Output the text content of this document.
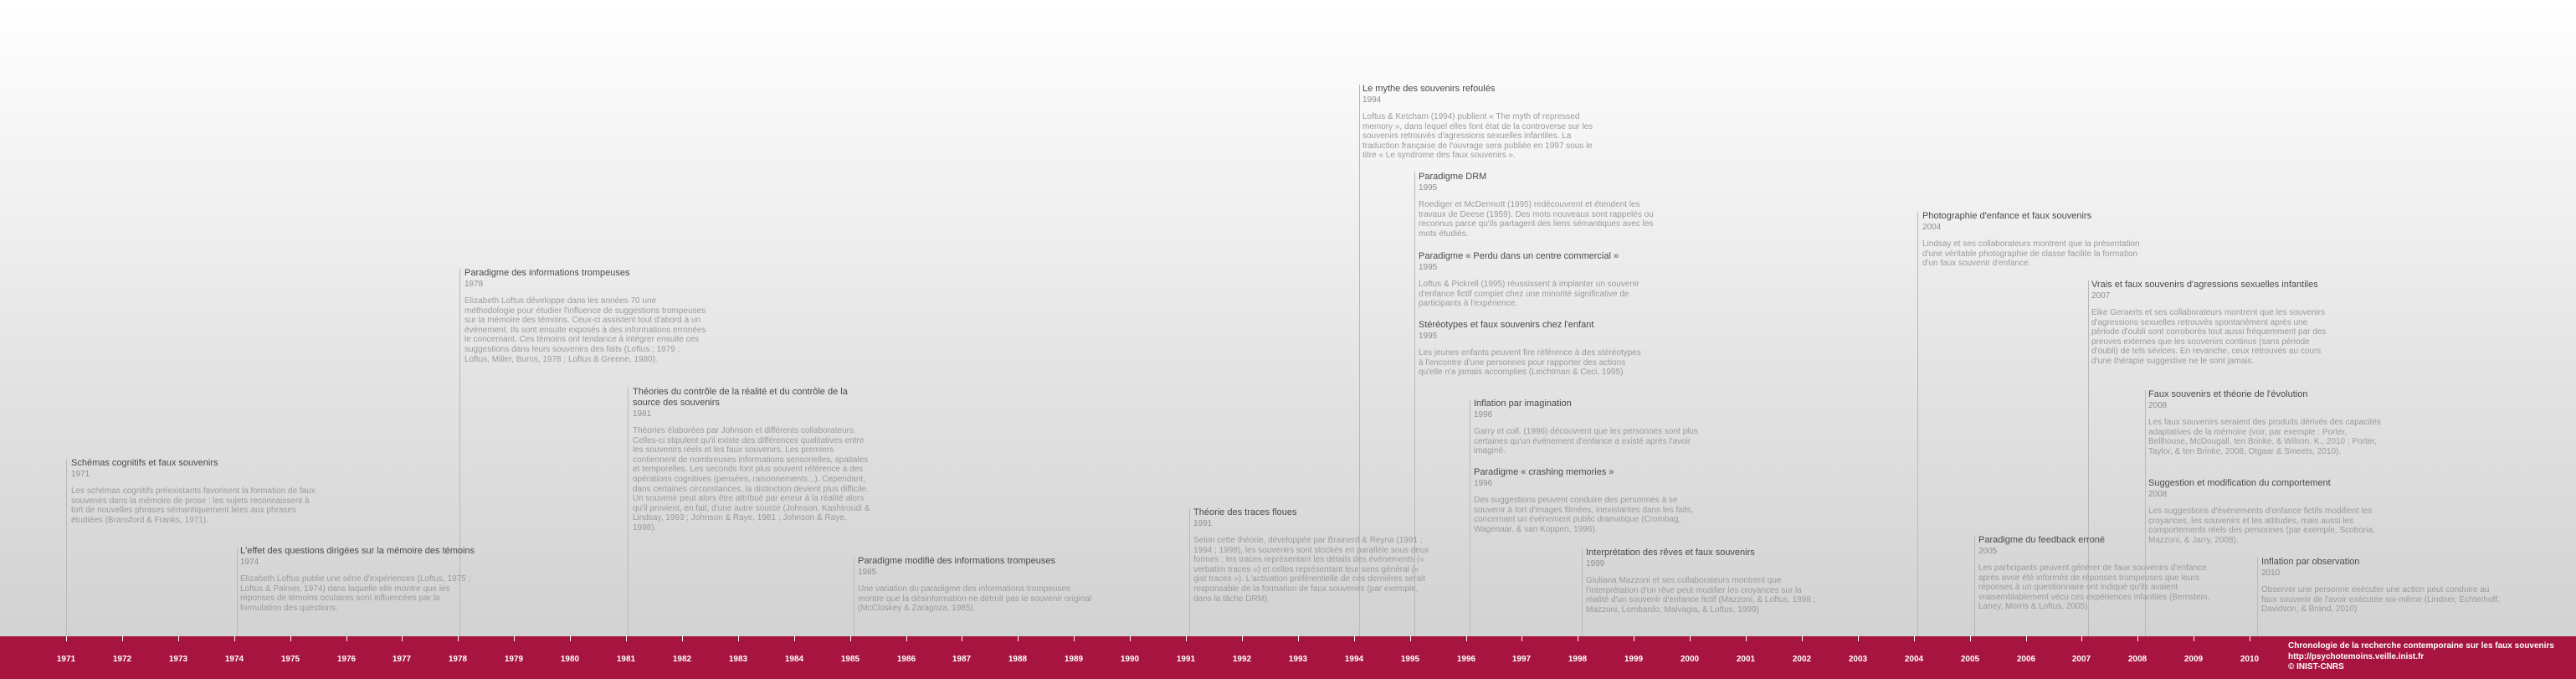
Schémas cognitifs et faux souvenirs
1971
Les schémas cognitifs préexistants favorisent la formation de faux souvenirs dans la mémoire de prose : les sujets reconnaissent à tort de nouvelles phrases sémantiquement liées aux phrases étudiées (Bransford & Franks, 1971).
L'effet des questions dirigées sur la mémoire des témoins
1974
Elizabeth Loftus publie une série d'expériences (Loftus, 1975 ; Loftus & Palmer, 1974) dans laquelle elle montre que les réponses de témoins oculaires sont influencées par la formulation des questions.
Paradigme des informations trompeuses
1978
Elizabeth Loftus développe dans les années 70 une méthodologie pour étudier l'influence de suggestions trompeuses sur la mémoire des témoins. Ceux-ci assistent tout d'abord à un événement. Ils sont ensuite exposés à des informations erronées le concernant. Ces témoins ont tendance à intégrer ensuite ces suggestions dans leurs souvenirs des faits (Loftus ; 1979 ; Loftus, Miller, Burns, 1978 ; Loftus & Greene, 1980).
Théories du contrôle de la réalité et du contrôle de la source des souvenirs
1981
Théories élaborées par Johnson et différents collaborateurs. Celles-ci stipulent qu'il existe des différences qualitatives entre les souvenirs réels et les faux souvenirs. Les premiers contiennent de nombreuses informations sensorielles, spatiales et temporelles. Les seconds font plus souvent référence à des opérations cognitives (pensées, raisonnements...). Cependant, dans certaines circonstances, la distinction devient plus difficile. Un souvenir peut alors être attribué par erreur à la réalité alors qu'il provient, en fait, d'une autre source (Johnson, Kashtroudi & Lindsay, 1993 ; Johnson & Raye, 1981 ; Johnson & Raye, 1998).
Paradigme modifié des informations trompeuses
1985
Une variation du paradigme des informations trompeuses montre que la désinformation ne détruit pas le souvenir original (McCloskey & Zaragoza, 1985).
Théorie des traces floues
1991
Selon cette théorie, développée par Brainerd & Reyna (1991 ; 1994 ; 1998), les souvenirs sont stockés en parallèle sous deux formes : les traces représentant les détails des événements (« verbatim traces ») et celles représentant leur sens général (« gist traces »). L'activation préférentielle de ces dernières serait responsable de la formation de faux souvenirs (par exemple, dans la tâche DRM).
Le mythe des souvenirs refoulés
1994
Loftus & Ketcham (1994) publient « The myth of repressed memory », dans lequel elles font état de la controverse sur les souvenirs retrouvés d'agressions sexuelles infantiles. La traduction française de l'ouvrage sera publiée en 1997 sous le titre « Le syndrome des faux souvenirs ».
Paradigme DRM
1995
Roediger et McDermott (1995) redécouvrent et étendent les travaux de Deese (1959). Des mots nouveaux sont rappelés ou reconnus parce qu'ils partagent des liens sémantiques avec les mots étudiés.
Paradigme « Perdu dans un centre commercial »
1995
Loftus & Pickrell (1995) réussissent à implanter un souvenir d'enfance fictif complet chez une minorité significative de participants à l'expérience.
Stéréotypes et faux souvenirs chez l'enfant
1995
Les jeunes enfants peuvent fire référence à des stéréotypes à l'encontre d'une personnes pour rapporter des actions qu'elle n'a jamais accomplies (Leichtman & Ceci, 1995)
Inflation par imagination
1996
Garry et coll. (1996) découvrent que les personnes sont plus certaines qu'un événement d'enfance a existé après l'avoir imaginé.
Paradigme « crashing memories »
1996
Des suggestions peuvent conduire des personnes à se souvenir à tort d'images filmées, inexistantes dans les faits, concernant un événement public dramatique (Crombag, Wagenaar, & van Koppen, 1996).
Interprétation des rêves et faux souvenirs
1999
Giuliana Mazzoni et ses collaborateurs montrent que l'interprétation d'un rêve peut modifier les croyances sur la réalité d'un souvenir d'enfance fictif (Mazzoni, & Loftus, 1998 ; Mazzoni, Lombardo, Malvagia, & Loftus, 1999)
Photographie d'enfance et faux souvenirs
2004
Lindsay et ses collaborateurs montrent que la présentation d'une véritable photographie de classe facilite la formation d'un faux souvenir d'enfance.
Paradigme du feedback erroné
2005
Les participants peuvent générer de faux souvenirs d'enfance après avoir été informés de réponses trompeuses que leurs réponses à un questionnaire ont indiqué qu'ils avaient vraisemblablement vécu ces expériences infantiles (Bernstein, Laney, Morris & Loftus, 2005)
Vrais et faux souvenirs d'agressions sexuelles infantiles
2007
Elke Geraerts et ses collaborateurs montrent que les souvenirs d'agressions sexuelles retrouvés spontanément après une période d'oubli sont corroborés tout aussi fréquemment par des preuves externes que les souvenirs continus (sans période d'oubli) de tels sévices. En revanche, ceux retrouvés au cours d'une thérapie suggestive ne le sont jamais.
Faux souvenirs et théorie de l'évolution
2008
Les faux souvenirs seraient des produits dérivés des capacités adaptatives de la mémoire (voir, par exemple : Porter, Bellhouse, McDougall, ten Brinke, & Wilson, K., 2010 ; Porter, Taylor, & ten Brinke, 2008, Otgaar & Smeets, 2010).
Suggestion et modification du comportement
2008
Les suggestions d'événements d'enfance fictifs modifient les croyances, les souvenirs et les attitudes, mais aussi les comportements réels des personnes (par exemple, Scoboria, Mazzoni, & Jarry, 2008).
Inflation par observation
2010
Observer une personne exécuter une action peut conduire au faux souvenir de l'avoir exécutée soi-même (Lindner, Echterhoff, Davidson, & Brand, 2010)
Chronologie de la recherche contemporaine sur les faux souvenirs
http://psychotemoins.veille.inist.fr
© INIST-CNRS
1971	1972	1973	1974	1975	1976	1977	1978	1979	1980	1981	1982	1983	1984	1985	1986	1987	1988	1989	1990	1991	1992	1993	1994	1995	1996	1997	1998	1999	2000	2001	2002	2003	2004	2005	2006	2007	2008	2009	2010
